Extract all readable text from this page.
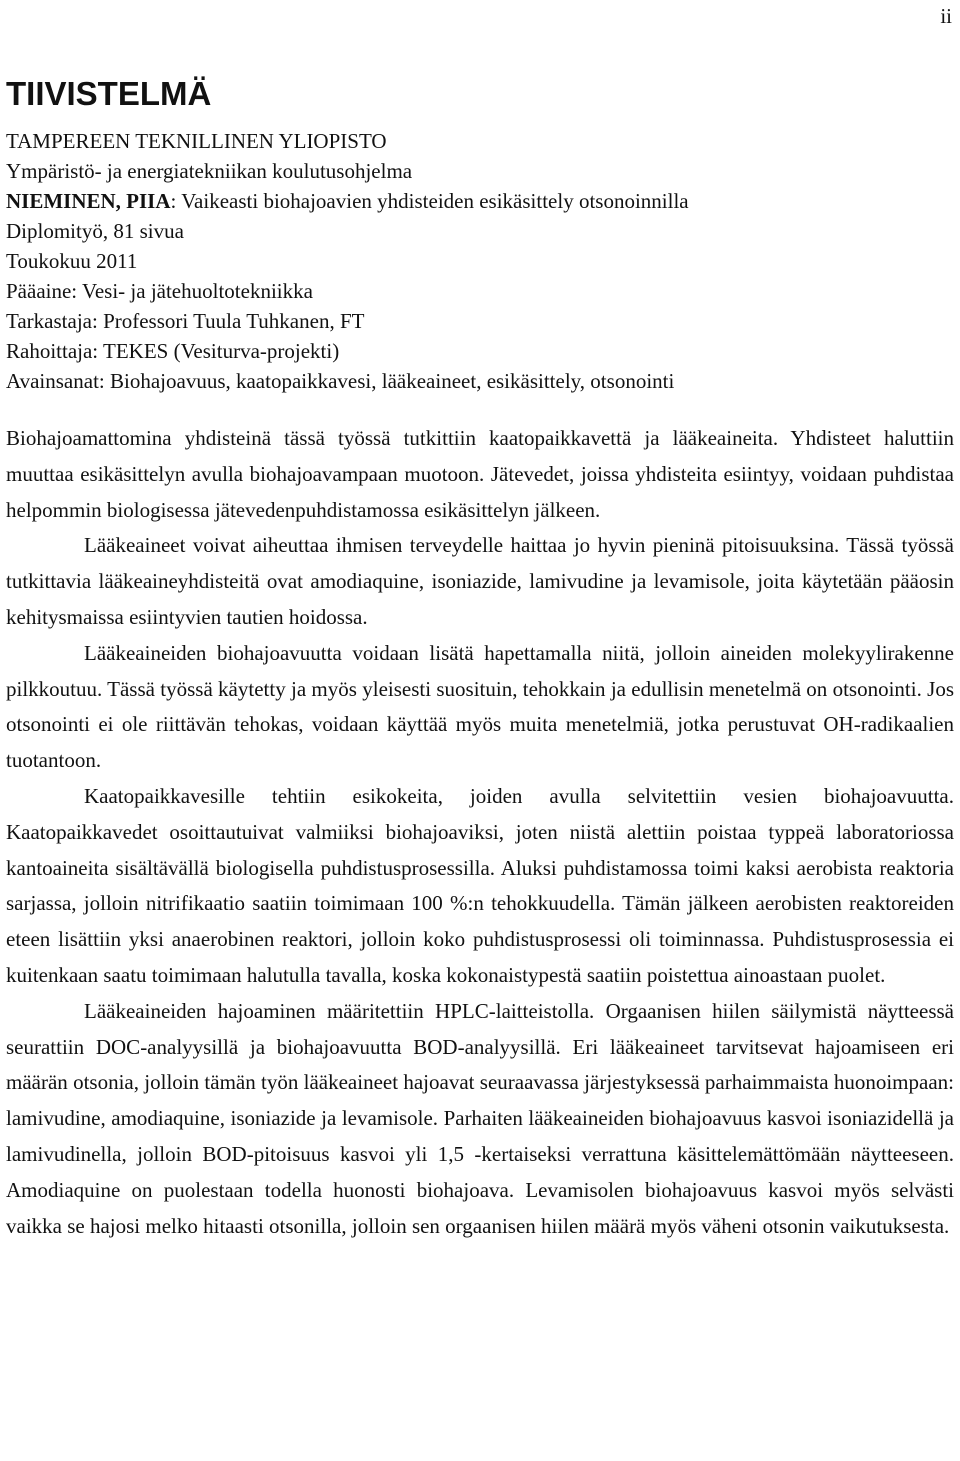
ii
TIIVISTELMÄ
TAMPEREEN TEKNILLINEN YLIOPISTO
Ympäristö- ja energiatekniikan koulutusohjelma
NIEMINEN, PIIA: Vaikeasti biohajoavien yhdisteiden esikäsittely otsonoinnilla
Diplomityö, 81 sivua
Toukokuu 2011
Pääaine: Vesi- ja jätehuoltotekniikka
Tarkastaja: Professori Tuula Tuhkanen, FT
Rahoittaja: TEKES (Vesiturva-projekti)
Avainsanat: Biohajoavuus, kaatopaikkavesi, lääkeaineet, esikäsittely, otsonointi

Biohajoamattomina yhdisteinä tässä työssä tutkittiin kaatopaikkavettä ja lääkeaineita. Yhdisteet haluttiin muuttaa esikäsittelyn avulla biohajoavampaan muotoon. Jätevedet, joissa yhdisteita esiintyy, voidaan puhdistaa helpommin biologisessa jätevedenpuhdistamossa esikäsittelyn jälkeen.

Lääkeaineet voivat aiheuttaa ihmisen terveydelle haittaa jo hyvin pieninä pitoisuuksina. Tässä työssä tutkittavia lääkeaineyhdisteitä ovat amodiaquine, isoniazide, lamivudine ja levamisole, joita käytetään pääosin kehitysmaissa esiintyvien tautien hoidossa.

Lääkeaineiden biohajoavuutta voidaan lisätä hapettamalla niitä, jolloin aineiden molekyylirakenne pilkkoutuu. Tässä työssä käytetty ja myös yleisesti suosituin, tehokkain ja edullisin menetelmä on otsonointi. Jos otsonointi ei ole riittävän tehokas, voidaan käyttää myös muita menetelmiä, jotka perustuvat OH-radikaalien tuotantoon.

Kaatopaikkavesille tehtiin esikokeita, joiden avulla selvitettiin vesien biohajoavuutta. Kaatopaikkavedet osoittautuivat valmiiksi biohajoaviksi, joten niistä alettiin poistaa typpeä laboratoriossa kantoaineita sisältävällä biologisella puhdistusprosessilla. Aluksi puhdistamossa toimi kaksi aerobista reaktoria sarjassa, jolloin nitrifikaatio saatiin toimimaan 100 %:n tehokkuudella. Tämän jälkeen aerobisten reaktoreiden eteen lisättiin yksi anaerobinen reaktori, jolloin koko puhdistusprosessi oli toiminnassa. Puhdistusprosessia ei kuitenkaan saatu toimimaan halutulla tavalla, koska kokonaistypestä saatiin poistettua ainoastaan puolet.

Lääkeaineiden hajoaminen määritettiin HPLC-laitteistolla. Orgaanisen hiilen säilymistä näytteessä seurattiin DOC-analyysillä ja biohajoavuutta BOD-analyysillä. Eri lääkeaineet tarvitsevat hajoamiseen eri määrän otsonia, jolloin tämän työn lääkeaineet hajoavat seuraavassa järjestyksessä parhaimmaista huonoimpaan: lamivudine, amodiaquine, isoniazide ja levamisole. Parhaiten lääkeaineiden biohajoavuus kasvoi isoniazidellä ja lamivudinella, jolloin BOD-pitoisuus kasvoi yli 1,5 -kertaiseksi verrattuna käsittelemättömään näytteeseen. Amodiaquine on puolestaan todella huonosti biohajoava. Levamisolen biohajoavuus kasvoi myös selvästi vaikka se hajosi melko hitaasti otsonilla, jolloin sen orgaanisen hiilen määrä myös väheni otsonin vaikutuksesta.
